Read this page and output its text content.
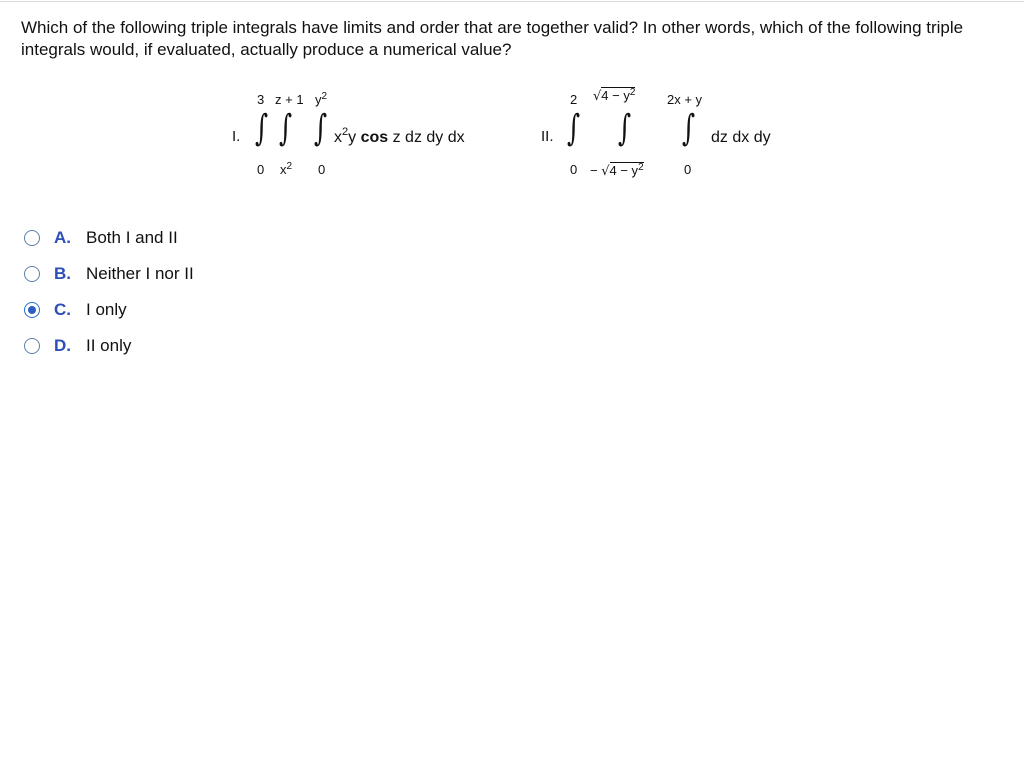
Which of the following triple integrals have limits and order that are together valid? In other words, which of the following triple integrals would, if evaluated, actually produce a numerical value?
I.
3
∫
0
z + 1
∫
$x^2$
$y^2$
∫
0
$x^2y$ cos z dz dy dx	II.
2
∫
0
$√4 - y^2$
∫
− $√4 - y^2$
2x + y
∫
0
dz dx dy
A. Both I and II
B. Neither I nor II
C. I only
D. II only
